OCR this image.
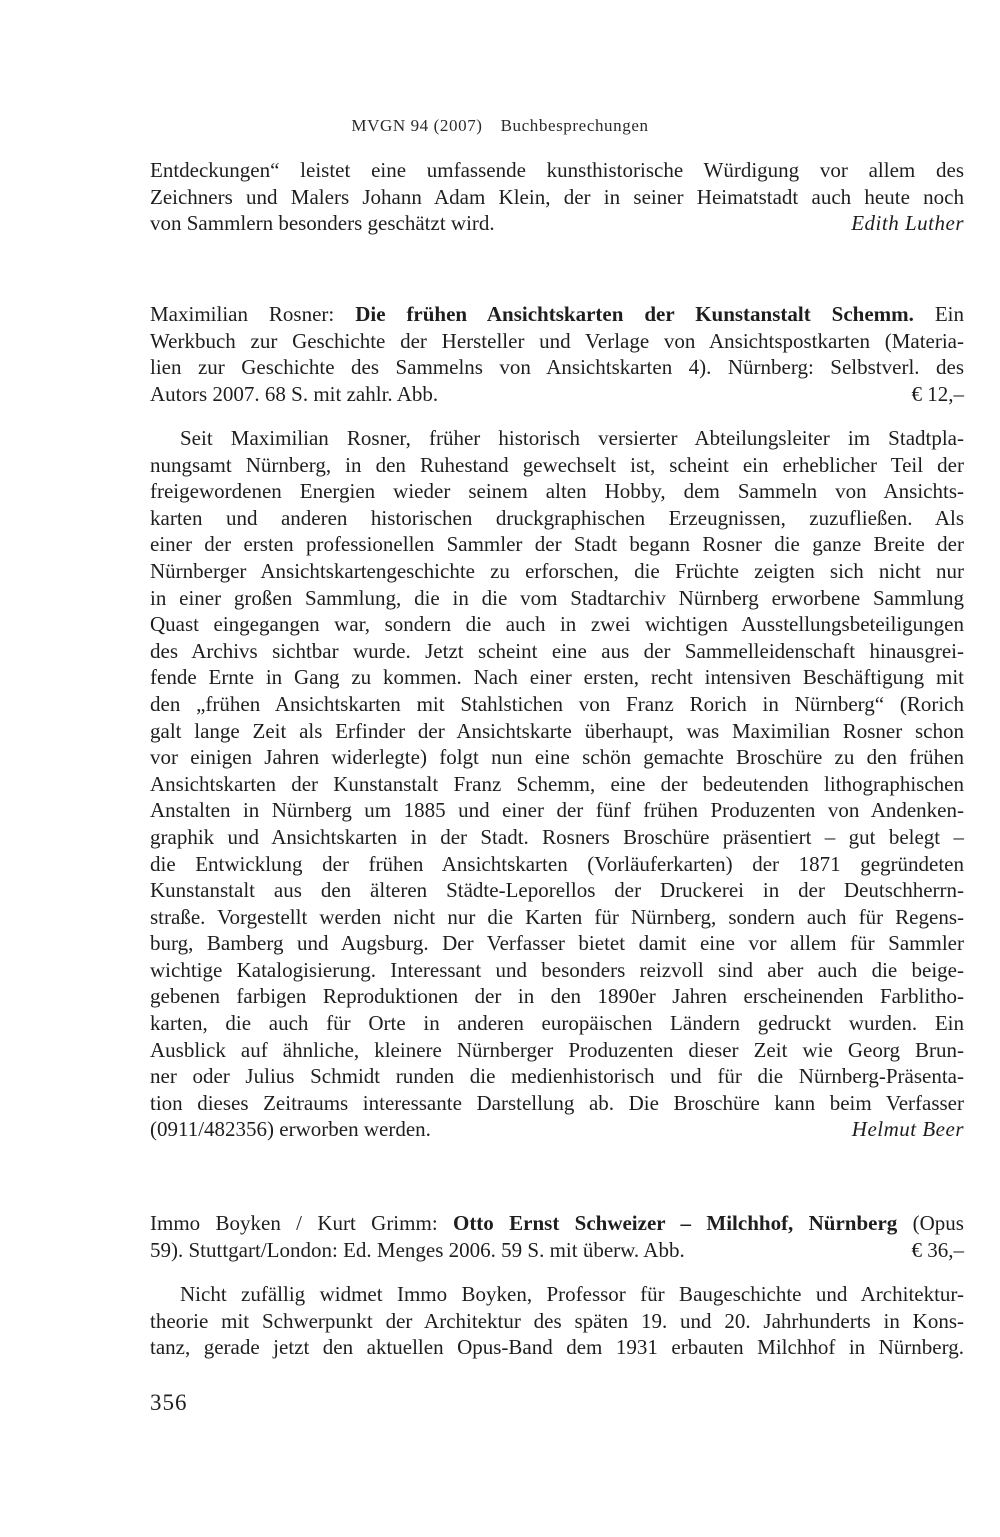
MVGN 94 (2007) Buchbesprechungen
Entdeckungen“ leistet eine umfassende kunsthistorische Würdigung vor allem des
Zeichners und Malers Johann Adam Klein, der in seiner Heimatstadt auch heute noch
von Sammlern besonders geschätzt wird.	Edith Luther
Maximilian Rosner: Die frühen Ansichtskarten der Kunstanstalt Schemm. Ein
Werkbuch zur Geschichte der Hersteller und Verlage von Ansichtspostkarten (Materia-
lien zur Geschichte des Sammelns von Ansichtskarten 4). Nürnberg: Selbstverl. des
Autors 2007. 68 S. mit zahlr. Abb.	€ 12,–
Seit Maximilian Rosner, früher historisch versierter Abteilungsleiter im Stadtpla-
nungsamt Nürnberg, in den Ruhestand gewechselt ist, scheint ein erheblicher Teil der
freigewordenen Energien wieder seinem alten Hobby, dem Sammeln von Ansichts-
karten und anderen historischen druckgraphischen Erzeugnissen, zuzufließen. Als
einer der ersten professionellen Sammler der Stadt begann Rosner die ganze Breite der
Nürnberger Ansichtskartengeschichte zu erforschen, die Früchte zeigten sich nicht nur
in einer großen Sammlung, die in die vom Stadtarchiv Nürnberg erworbene Sammlung
Quast eingegangen war, sondern die auch in zwei wichtigen Ausstellungsbeteiligungen
des Archivs sichtbar wurde. Jetzt scheint eine aus der Sammelleidenschaft hinausgrei-
fende Ernte in Gang zu kommen. Nach einer ersten, recht intensiven Beschäftigung mit
den „frühen Ansichtskarten mit Stahlstichen von Franz Rorich in Nürnberg“ (Rorich
galt lange Zeit als Erfinder der Ansichtskarte überhaupt, was Maximilian Rosner schon
vor einigen Jahren widerlegte) folgt nun eine schön gemachte Broschüre zu den frühen
Ansichtskarten der Kunstanstalt Franz Schemm, eine der bedeutenden lithographischen
Anstalten in Nürnberg um 1885 und einer der fünf frühen Produzenten von Andenken-
graphik und Ansichtskarten in der Stadt. Rosners Broschüre präsentiert – gut belegt –
die Entwicklung der frühen Ansichtskarten (Vorläuferkarten) der 1871 gegründeten
Kunstanstalt aus den älteren Städte-Leporellos der Druckerei in der Deutschherrn-
straße. Vorgestellt werden nicht nur die Karten für Nürnberg, sondern auch für Regens-
burg, Bamberg und Augsburg. Der Verfasser bietet damit eine vor allem für Sammler
wichtige Katalogisierung. Interessant und besonders reizvoll sind aber auch die beige-
gebenen farbigen Reproduktionen der in den 1890er Jahren erscheinenden Farblitho-
karten, die auch für Orte in anderen europäischen Ländern gedruckt wurden. Ein
Ausblick auf ähnliche, kleinere Nürnberger Produzenten dieser Zeit wie Georg Brun-
ner oder Julius Schmidt runden die medienhistorisch und für die Nürnberg-Präsenta-
tion dieses Zeitraums interessante Darstellung ab. Die Broschüre kann beim Verfasser
(0911/482356) erworben werden.	Helmut Beer
Immo Boyken / Kurt Grimm: Otto Ernst Schweizer – Milchhof, Nürnberg (Opus
59). Stuttgart/London: Ed. Menges 2006. 59 S. mit überw. Abb.	€ 36,–
Nicht zufällig widmet Immo Boyken, Professor für Baugeschichte und Architektur-
theorie mit Schwerpunkt der Architektur des späten 19. und 20. Jahrhunderts in Kons-
tanz, gerade jetzt den aktuellen Opus-Band dem 1931 erbauten Milchhof in Nürnberg.
356
